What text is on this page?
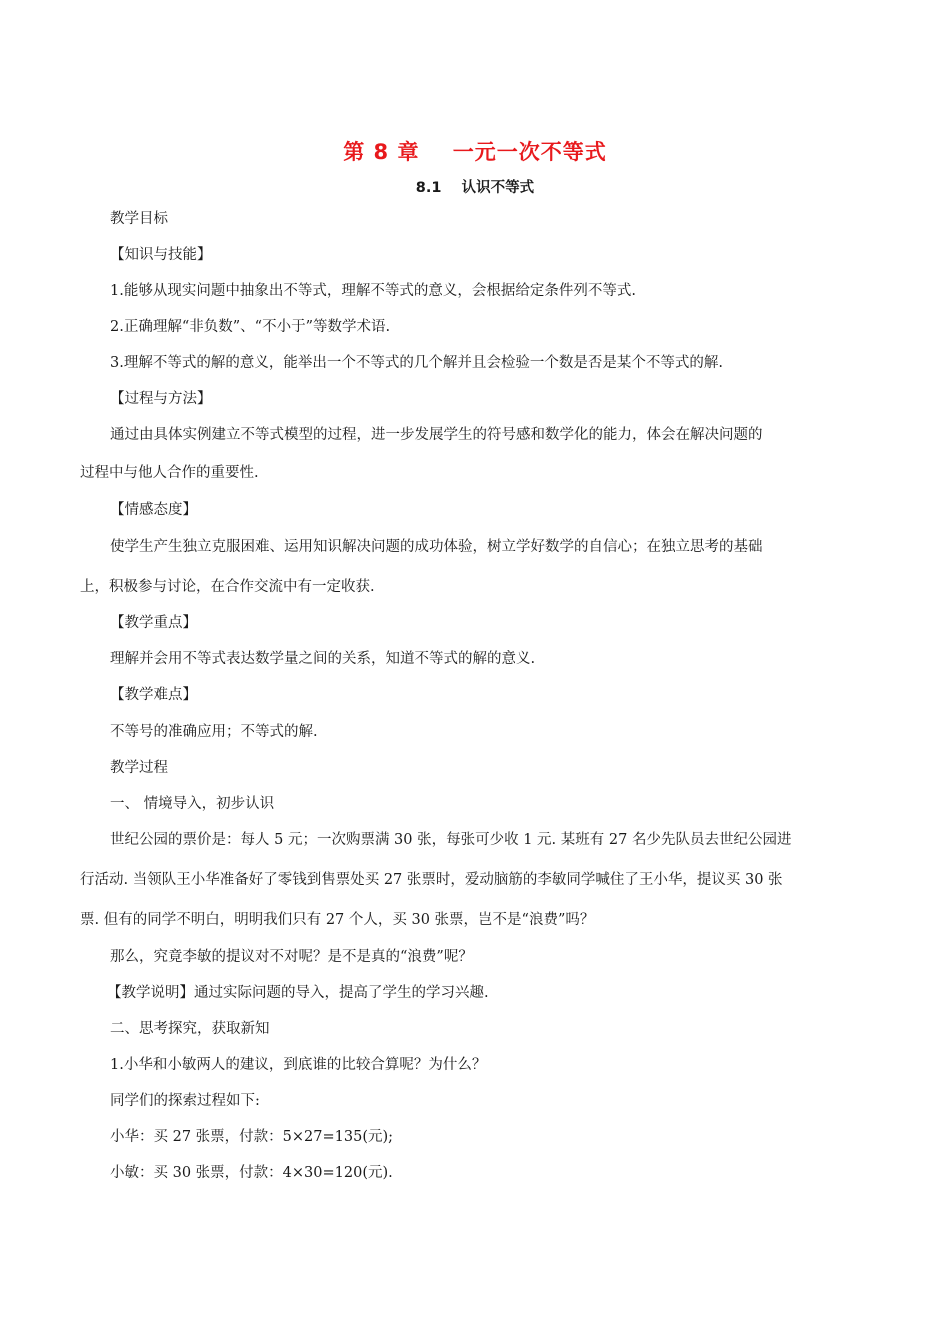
第 8 章    一元一次不等式
8.1    认识不等式
教学目标
【知识与技能】
1.能够从现实问题中抽象出不等式，理解不等式的意义，会根据给定条件列不等式.
2.正确理解“非负数”、“不小于”等数学术语.
3.理解不等式的解的意义，能举出一个不等式的几个解并且会检验一个数是否是某个不等式的解.
【过程与方法】
通过由具体实例建立不等式模型的过程，进一步发展学生的符号感和数学化的能力，体会在解决问题的
过程中与他人合作的重要性.
【情感态度】
使学生产生独立克服困难、运用知识解决问题的成功体验，树立学好数学的自信心；在独立思考的基础
上，积极参与讨论，在合作交流中有一定收获.
【教学重点】
理解并会用不等式表达数学量之间的关系，知道不等式的解的意义.
【教学难点】
不等号的准确应用；不等式的解.
教学过程
一、 情境导入，初步认识
世纪公园的票价是：每人 5 元；一次购票满 30 张，每张可少收 1 元. 某班有 27 名少先队员去世纪公园进
行活动. 当领队王小华准备好了零钱到售票处买 27 张票时，爱动脑筋的李敏同学喊住了王小华，提议买 30 张
票. 但有的同学不明白，明明我们只有 27 个人，买 30 张票，岂不是“浪费”吗？
那么，究竟李敏的提议对不对呢？是不是真的“浪费”呢？
【教学说明】通过实际问题的导入，提高了学生的学习兴趣.
二、思考探究，获取新知
1.小华和小敏两人的建议，到底谁的比较合算呢？为什么？
同学们的探索过程如下:
小华：买 27 张票，付款：5×27=135(元);
小敏：买 30 张票，付款：4×30=120(元).
